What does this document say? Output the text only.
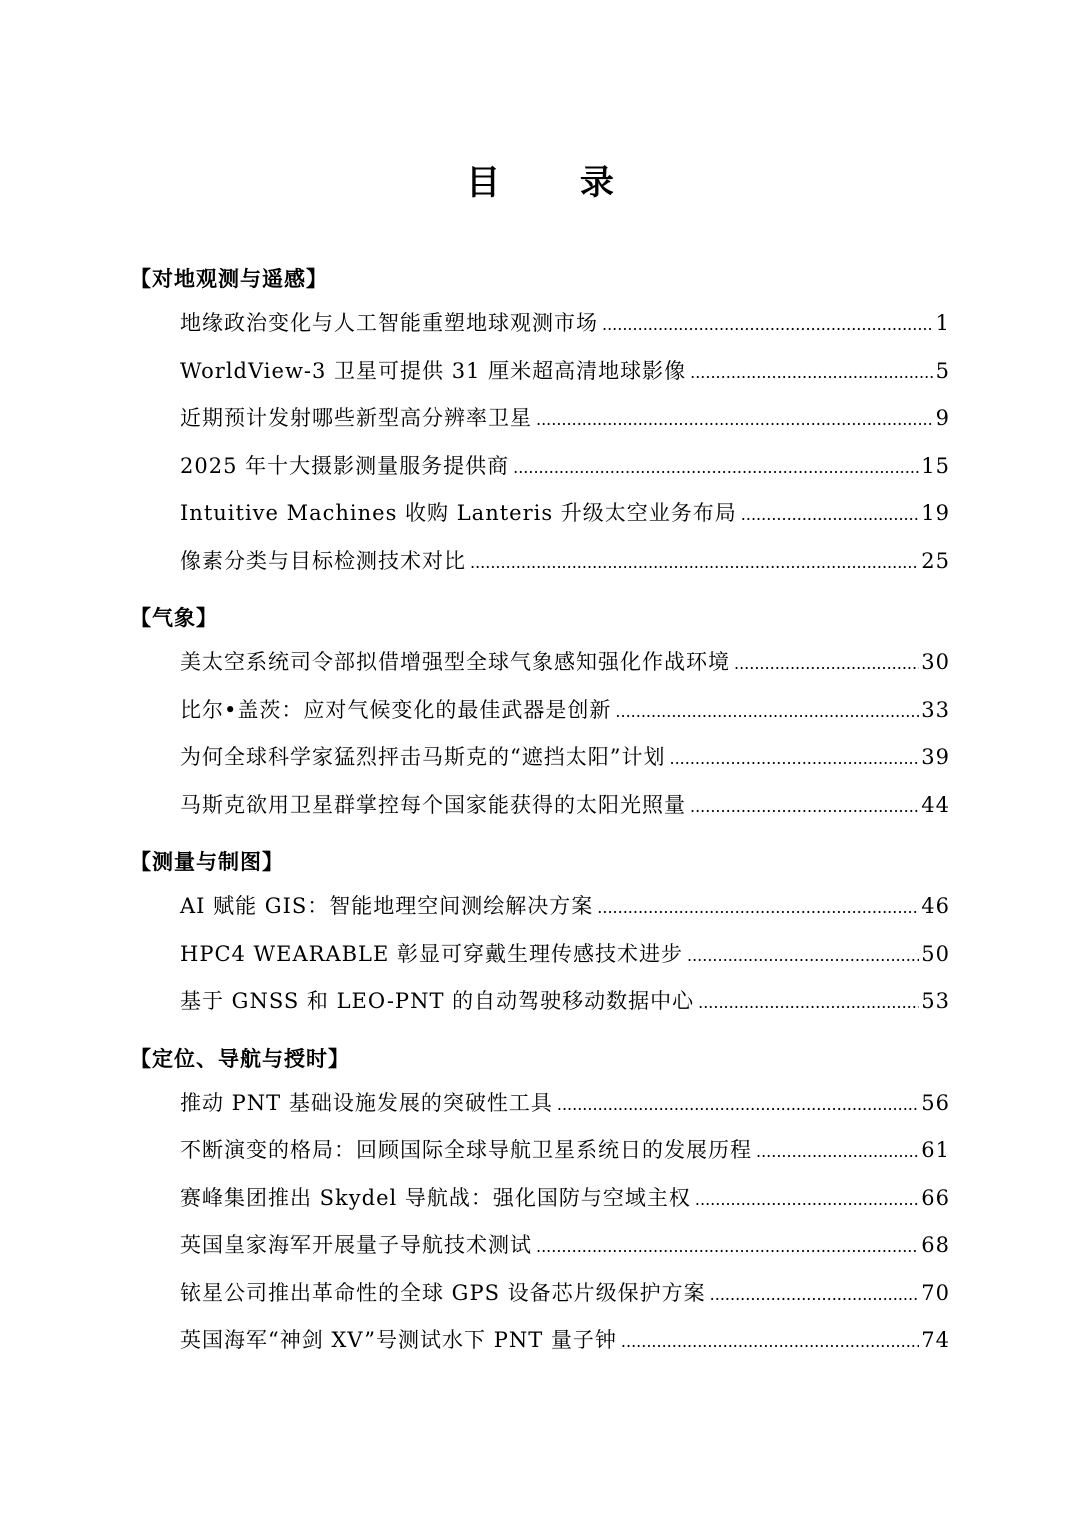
目 录
【对地观测与遥感】
地缘政治变化与人工智能重塑地球观测市场 .....	1
WorldView-3 卫星可提供 31 厘米超高清地球影像 .....	5
近期预计发射哪些新型高分辨率卫星 .....	9
2025 年十大摄影测量服务提供商 .....	15
Intuitive Machines 收购 Lanteris 升级太空业务布局 .....	19
像素分类与目标检测技术对比 .....	25
【气象】
美太空系统司令部拟借增强型全球气象感知强化作战环境 .....	30
比尔•盖茨：应对气候变化的最佳武器是创新 .....	33
为何全球科学家猛烈抨击马斯克的“遮挡太阳”计划 .....	39
马斯克欲用卫星群掌控每个国家能获得的太阳光照量 .....	44
【测量与制图】
AI 赋能 GIS：智能地理空间测绘解决方案 .....	46
HPC4 WEARABLE 彰显可穿戴生理传感技术进步 .....	50
基于 GNSS 和 LEO-PNT 的自动驾驶移动数据中心 .....	53
【定位、导航与授时】
推动 PNT 基础设施发展的突破性工具 .....	56
不断演变的格局：回顾国际全球导航卫星系统日的发展历程 .....	61
赛峰集团推出 Skydel 导航战：强化国防与空域主权 .....	66
英国皇家海军开展量子导航技术测试 .....	68
铱星公司推出革命性的全球 GPS 设备芯片级保护方案 .....	70
英国海军“神剑 XV”号测试水下 PNT 量子钟 .....	74
